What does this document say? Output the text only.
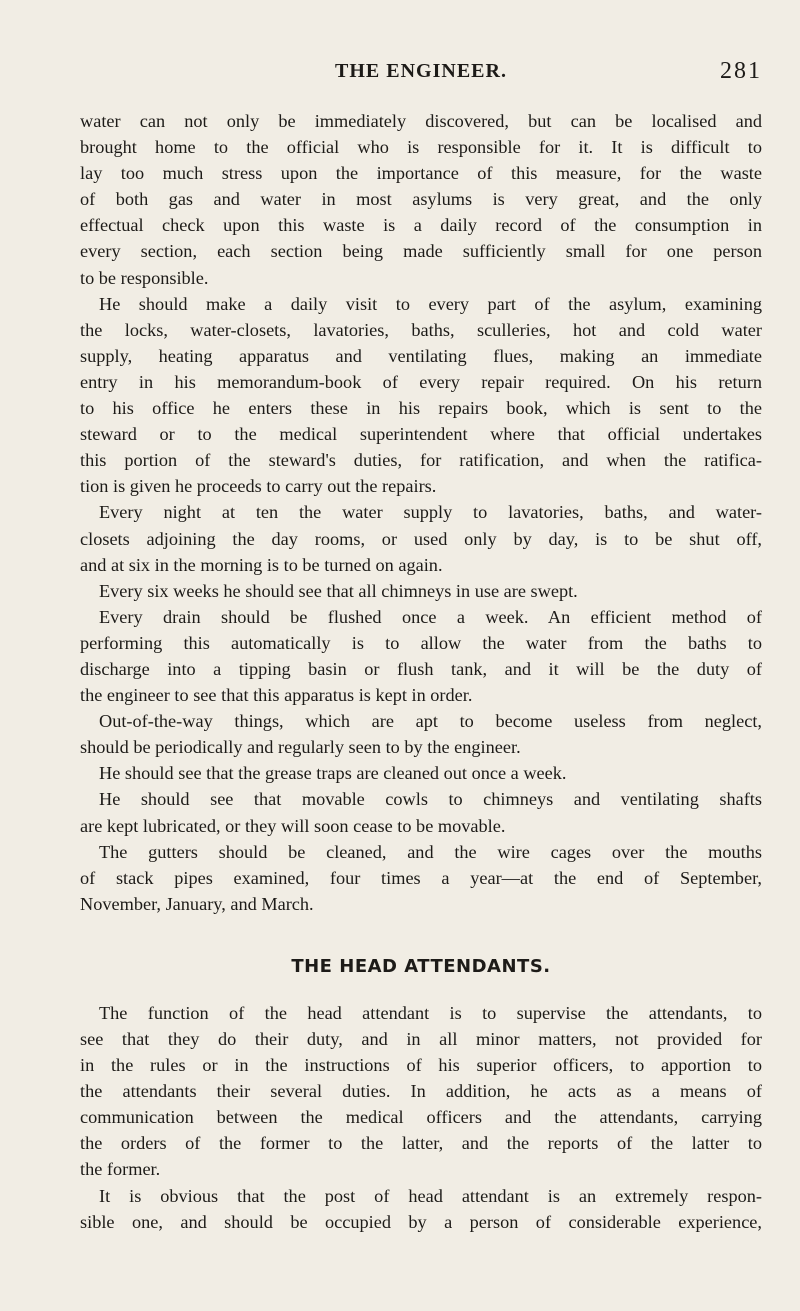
THE ENGINEER.	281
water can not only be immediately discovered, but can be localised and
brought home to the official who is responsible for it. It is difficult to
lay too much stress upon the importance of this measure, for the waste
of both gas and water in most asylums is very great, and the only
effectual check upon this waste is a daily record of the consumption in
every section, each section being made sufficiently small for one person
to be responsible.
He should make a daily visit to every part of the asylum, examining
the locks, water-closets, lavatories, baths, sculleries, hot and cold water
supply, heating apparatus and ventilating flues, making an immediate
entry in his memorandum-book of every repair required. On his return
to his office he enters these in his repairs book, which is sent to the
steward or to the medical superintendent where that official undertakes
this portion of the steward's duties, for ratification, and when the ratifica-
tion is given he proceeds to carry out the repairs.
Every night at ten the water supply to lavatories, baths, and water-
closets adjoining the day rooms, or used only by day, is to be shut off,
and at six in the morning is to be turned on again.
Every six weeks he should see that all chimneys in use are swept.
Every drain should be flushed once a week. An efficient method of
performing this automatically is to allow the water from the baths to
discharge into a tipping basin or flush tank, and it will be the duty of
the engineer to see that this apparatus is kept in order.
Out-of-the-way things, which are apt to become useless from neglect,
should be periodically and regularly seen to by the engineer.
He should see that the grease traps are cleaned out once a week.
He should see that movable cowls to chimneys and ventilating shafts
are kept lubricated, or they will soon cease to be movable.
The gutters should be cleaned, and the wire cages over the mouths
of stack pipes examined, four times a year—at the end of September,
November, January, and March.
THE HEAD ATTENDANTS.
The function of the head attendant is to supervise the attendants, to
see that they do their duty, and in all minor matters, not provided for
in the rules or in the instructions of his superior officers, to apportion to
the attendants their several duties. In addition, he acts as a means of
communication between the medical officers and the attendants, carrying
the orders of the former to the latter, and the reports of the latter to
the former.
It is obvious that the post of head attendant is an extremely respon-
sible one, and should be occupied by a person of considerable experience,
